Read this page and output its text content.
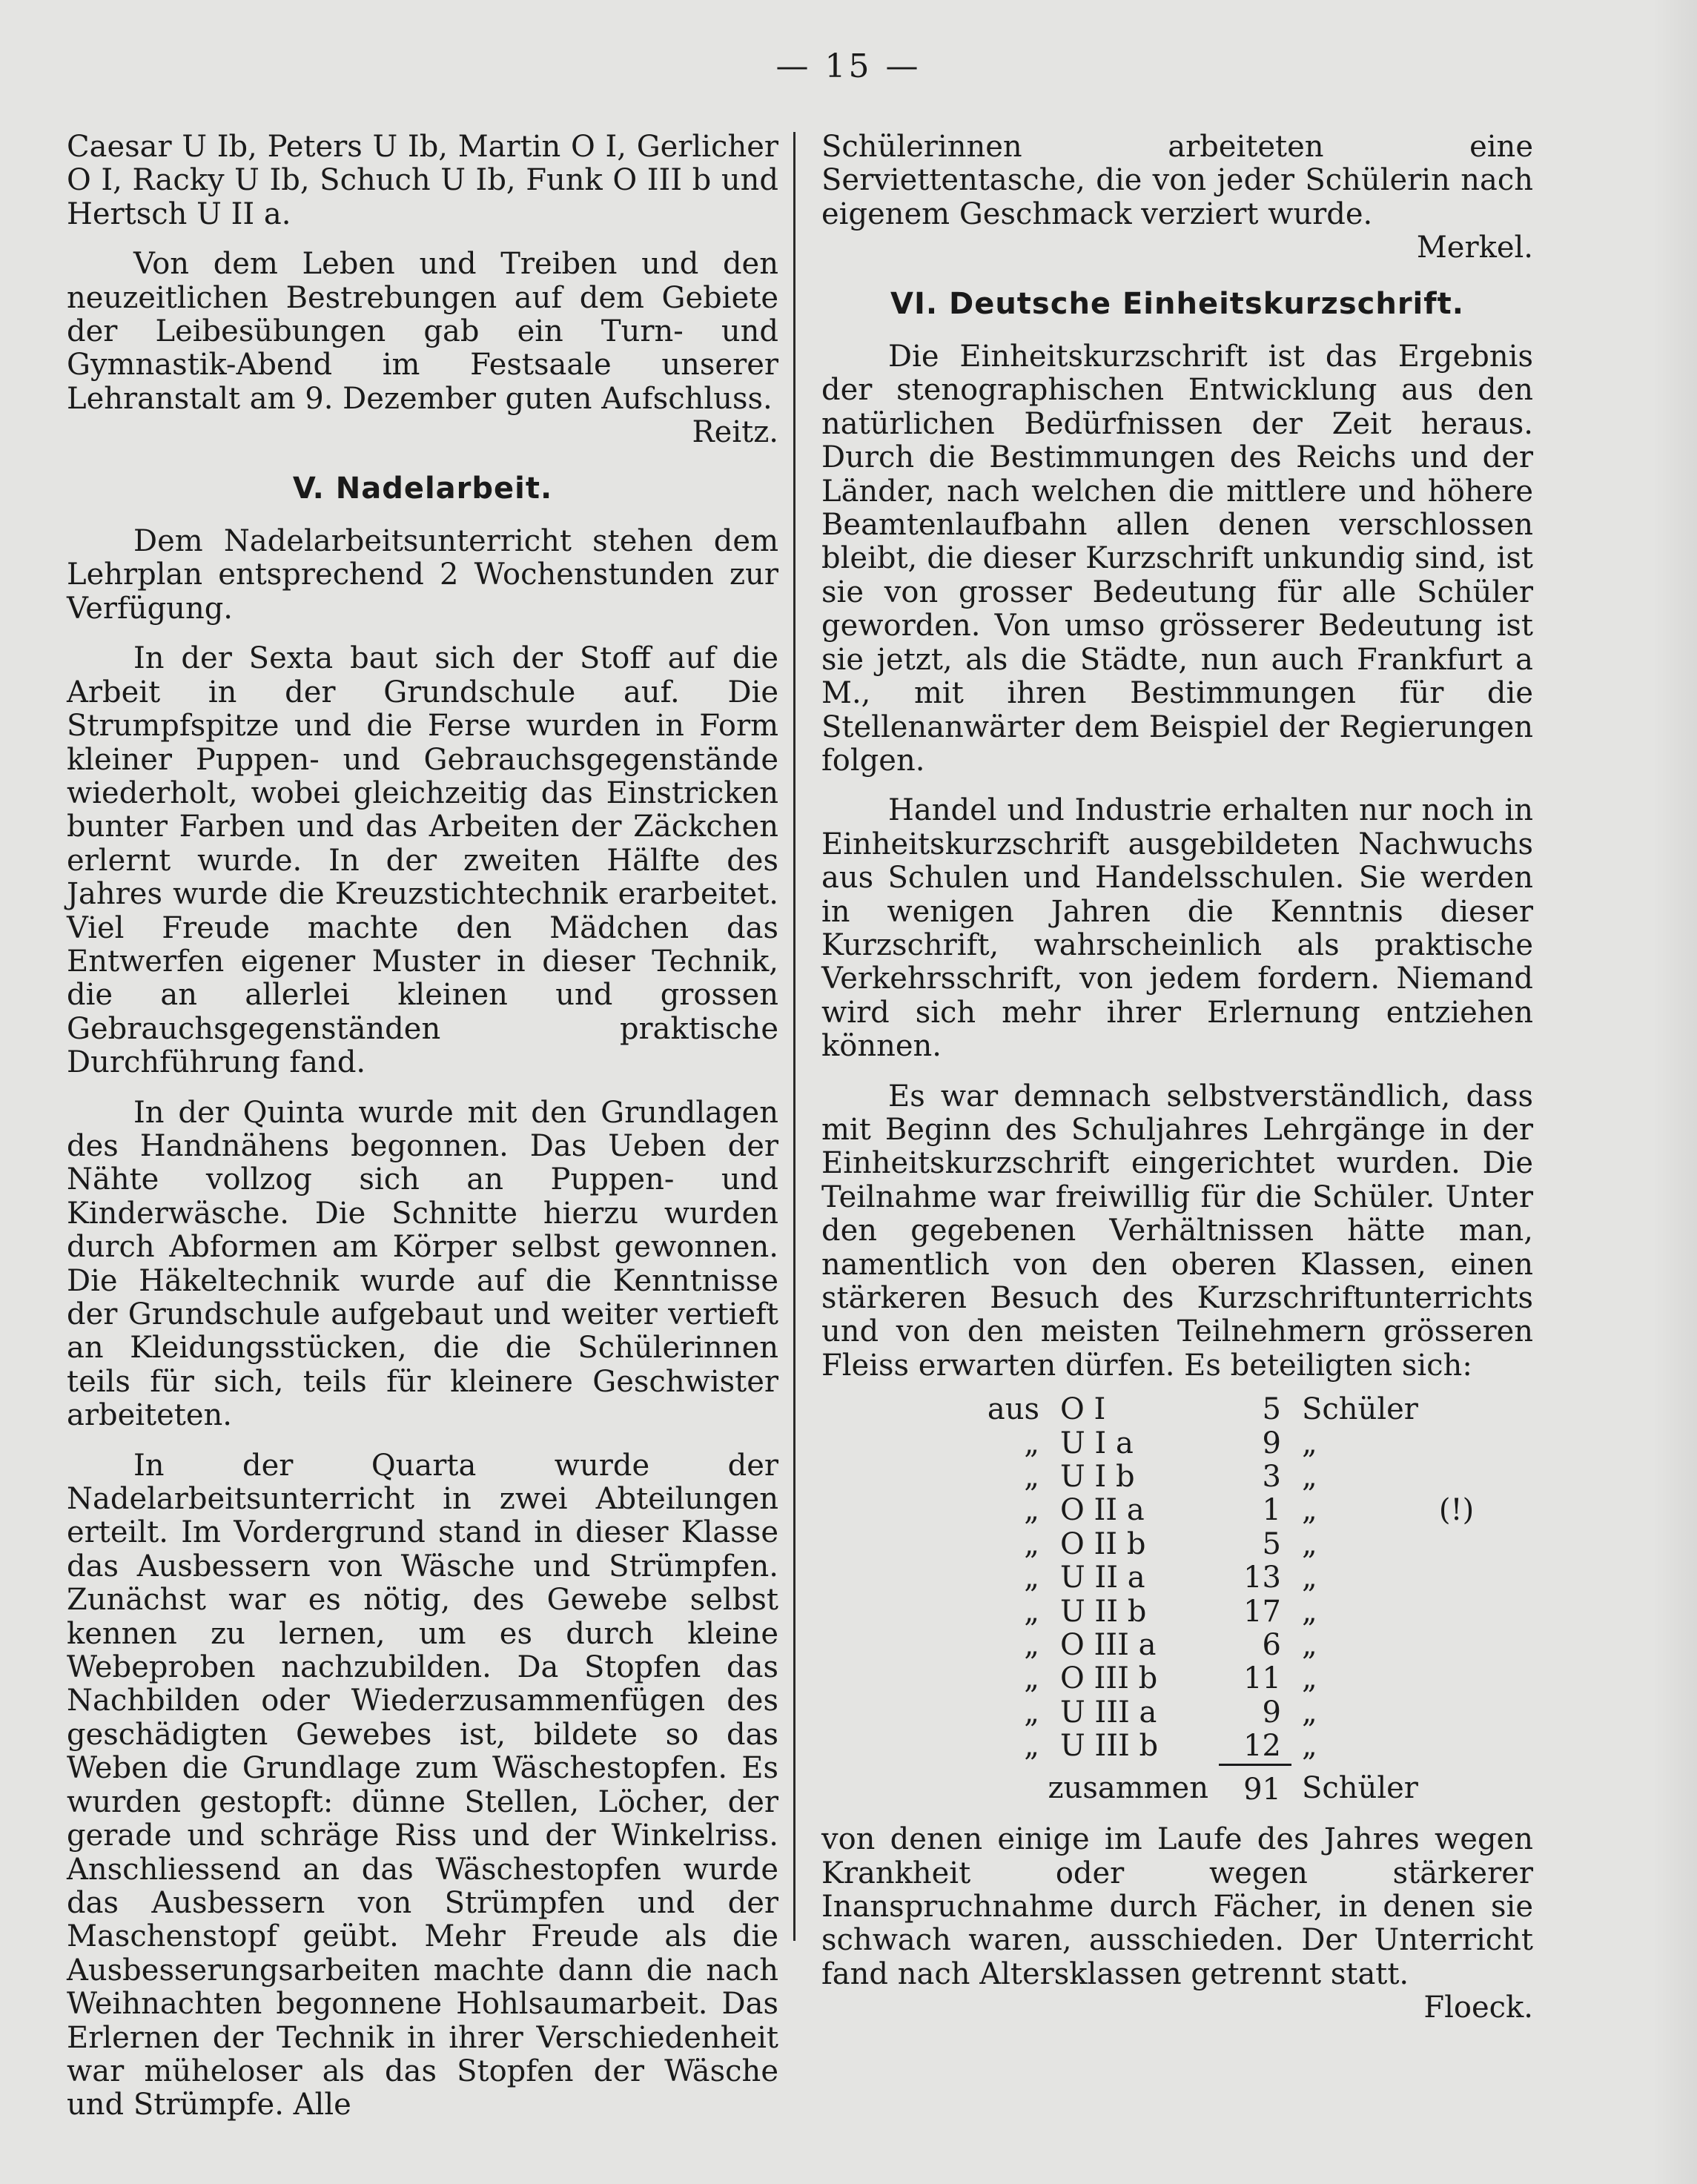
— 15 —

Caesar U Ib, Peters U Ib, Martin O I, Gerlicher O I, Racky U Ib, Schuch U Ib, Funk O III b und Hertsch U II a.

Von dem Leben und Treiben und den neuzeitlichen Bestrebungen auf dem Gebiete der Leibesübungen gab ein Turn- und Gymnastik-Abend im Festsaale unserer Lehranstalt am 9. Dezember guten Aufschluss.

Reitz.

V. Nadelarbeit.

Dem Nadelarbeitsunterricht stehen dem Lehrplan entsprechend 2 Wochenstunden zur Verfügung.

In der Sexta baut sich der Stoff auf die Arbeit in der Grundschule auf. Die Strumpfspitze und die Ferse wurden in Form kleiner Puppen- und Gebrauchsgegenstände wiederholt, wobei gleichzeitig das Einstricken bunter Farben und das Arbeiten der Zäckchen erlernt wurde. In der zweiten Hälfte des Jahres wurde die Kreuzstichtechnik erarbeitet. Viel Freude machte den Mädchen das Entwerfen eigener Muster in dieser Technik, die an allerlei kleinen und grossen Gebrauchsgegenständen praktische Durchführung fand.

In der Quinta wurde mit den Grundlagen des Handnähens begonnen. Das Ueben der Nähte vollzog sich an Puppen- und Kinderwäsche. Die Schnitte hierzu wurden durch Abformen am Körper selbst gewonnen. Die Häkeltechnik wurde auf die Kenntnisse der Grundschule aufgebaut und weiter vertieft an Kleidungsstücken, die die Schülerinnen teils für sich, teils für kleinere Geschwister arbeiteten.

In der Quarta wurde der Nadelarbeitsunterricht in zwei Abteilungen erteilt. Im Vordergrund stand in dieser Klasse das Ausbessern von Wäsche und Strümpfen. Zunächst war es nötig, des Gewebe selbst kennen zu lernen, um es durch kleine Webeproben nachzubilden. Da Stopfen das Nachbilden oder Wiederzusammenfügen des geschädigten Gewebes ist, bildete so das Weben die Grundlage zum Wäschestopfen. Es wurden gestopft: dünne Stellen, Löcher, der gerade und schräge Riss und der Winkelriss. Anschliessend an das Wäschestopfen wurde das Ausbessern von Strümpfen und der Maschenstopf geübt. Mehr Freude als die Ausbesserungsarbeiten machte dann die nach Weihnachten begonnene Hohlsaumarbeit. Das Erlernen der Technik in ihrer Verschiedenheit war müheloser als das Stopfen der Wäsche und Strümpfe. Alle

Schülerinnen arbeiteten eine Serviettentasche, die von jeder Schülerin nach eigenem Geschmack verziert wurde.

Merkel.

VI. Deutsche Einheitskurzschrift.

Die Einheitskurzschrift ist das Ergebnis der stenographischen Entwicklung aus den natürlichen Bedürfnissen der Zeit heraus. Durch die Bestimmungen des Reichs und der Länder, nach welchen die mittlere und höhere Beamtenlaufbahn allen denen verschlossen bleibt, die dieser Kurzschrift unkundig sind, ist sie von grosser Bedeutung für alle Schüler geworden. Von umso grösserer Bedeutung ist sie jetzt, als die Städte, nun auch Frankfurt a M., mit ihren Bestimmungen für die Stellenanwärter dem Beispiel der Regierungen folgen.

Handel und Industrie erhalten nur noch in Einheitskurzschrift ausgebildeten Nachwuchs aus Schulen und Handelsschulen. Sie werden in wenigen Jahren die Kenntnis dieser Kurzschrift, wahrscheinlich als praktische Verkehrsschrift, von jedem fordern. Niemand wird sich mehr ihrer Erlernung entziehen können.

Es war demnach selbstverständlich, dass mit Beginn des Schuljahres Lehrgänge in der Einheitskurzschrift eingerichtet wurden. Die Teilnahme war freiwillig für die Schüler. Unter den gegebenen Verhältnissen hätte man, namentlich von den oberen Klassen, einen stärkeren Besuch des Kurzschriftunterrichts und von den meisten Teilnehmern grösseren Fleiss erwarten dürfen. Es beteiligten sich:

aus	O I	5	Schüler	
„	U I a	9	„	
„	U I b	3	„	
„	O II a	1	„	(!)
„	O II b	5	„	
„	U II a	13	„	
„	U II b	17	„	
„	O III a	6	„	
„	O III b	11	„	
„	U III a	9	„	
„	U III b	12	„	
zusammen		91	Schüler	

von denen einige im Laufe des Jahres wegen Krankheit oder wegen stärkerer Inanspruchnahme durch Fächer, in denen sie schwach waren, ausschieden. Der Unterricht fand nach Altersklassen getrennt statt.

Floeck.
